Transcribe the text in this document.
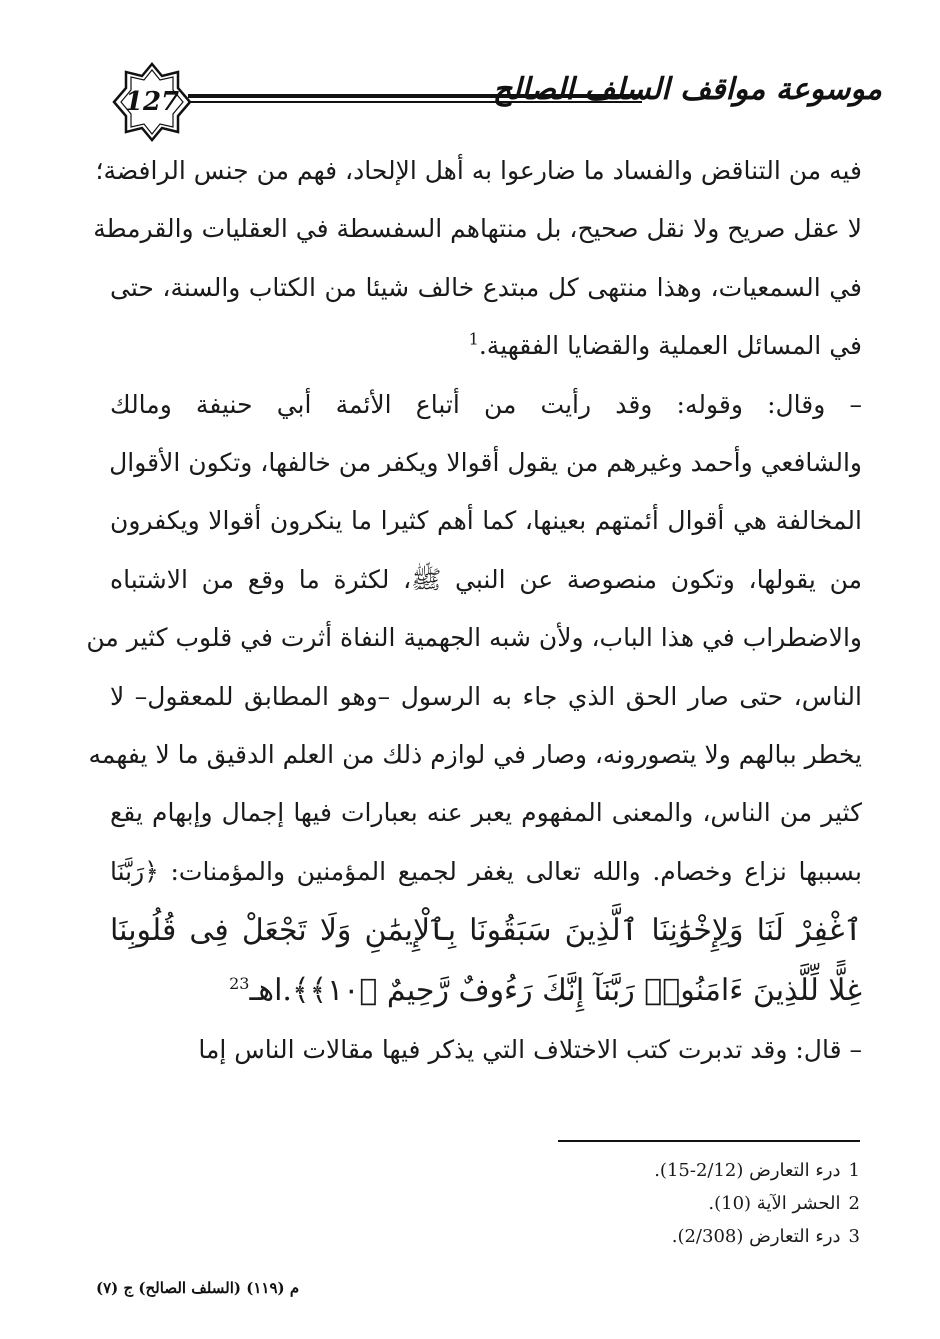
127	موسوعة مواقف السلف الصالح
فيه من التناقض والفساد ما ضارعوا به أهل الإلحاد، فهم من جنس الرافضة؛
لا عقل صريح ولا نقل صحيح، بل منتهاهم السفسطة في العقليات والقرمطة
في السمعيات، وهذا منتهى كل مبتدع خالف شيئا من الكتاب والسنة، حتى
في المسائل العملية والقضايا الفقهية.$^1$
– وقال: وقوله: وقد رأيت من أتباع الأئمة أبي حنيفة ومالك
والشافعي وأحمد وغيرهم من يقول أقوالا ويكفر من خالفها، وتكون الأقوال
المخالفة هي أقوال أئمتهم بعينها، كما أهم كثيرا ما ينكرون أقوالا ويكفرون
من يقولها، وتكون منصوصة عن النبي ﷺ، لكثرة ما وقع من الاشتباه
والاضطراب في هذا الباب، ولأن شبه الجهمية النفاة أثرت في قلوب كثير من
الناس، حتى صار الحق الذي جاء به الرسول –وهو المطابق للمعقول– لا
يخطر ببالهم ولا يتصورونه، وصار في لوازم ذلك من العلم الدقيق ما لا يفهمه
كثير من الناس، والمعنى المفهوم يعبر عنه بعبارات فيها إجمال وإبهام يقع
بسببها نزاع وخصام. والله تعالى يغفر لجميع المؤمنين والمؤمنات: ﴿رَبَّنَا
ٱغْفِرْ لَنَا وَلِإِخْوَٰنِنَا ٱلَّذِينَ سَبَقُونَا بِٱلْإِيمَٰنِ وَلَا تَجْعَلْ فِى قُلُوبِنَا
غِلًّا لِّلَّذِينَ ءَامَنُوا۟ رَبَّنَآ إِنَّكَ رَءُوفٌ رَّحِيمٌ ﴿١٠﴾﴾.اهـ$^{23}$
– قال: وقد تدبرت كتب الاختلاف التي يذكر فيها مقالات الناس إما
1درء التعارض (2/12-15).
2الحشر الآية (10).
3درء التعارض (2/308).
م (١١٩) (السلف الصالح) ج (٧)
